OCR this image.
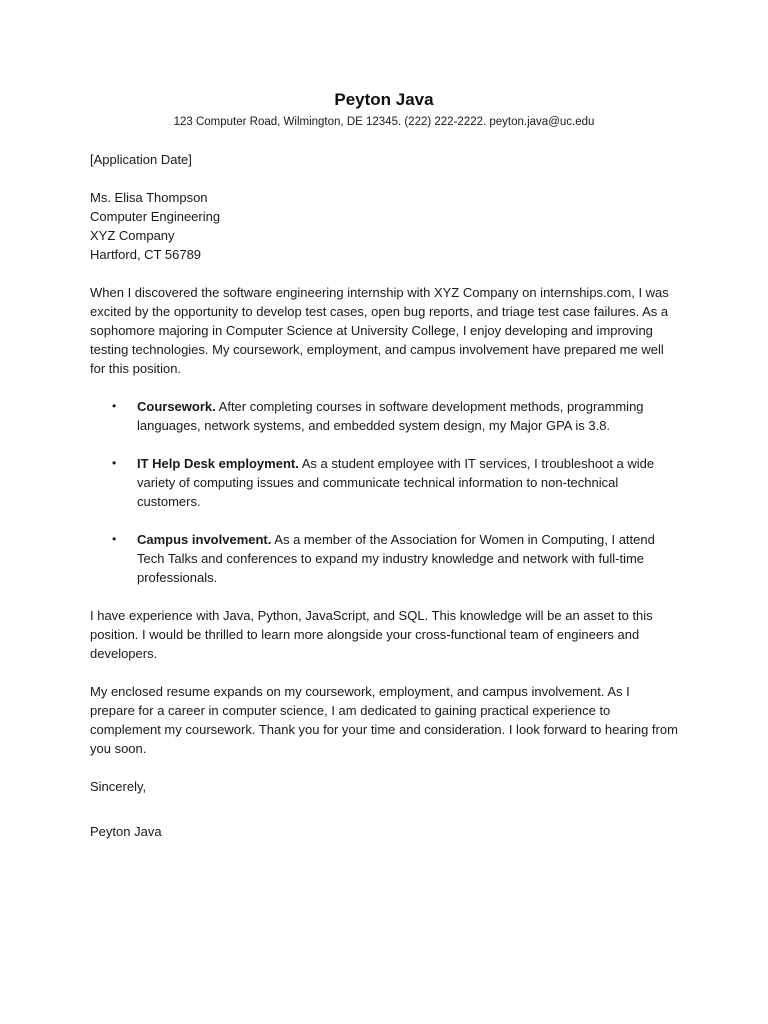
Peyton Java
123 Computer Road, Wilmington, DE 12345. (222) 222-2222. peyton.java@uc.edu
[Application Date]
Ms. Elisa Thompson
Computer Engineering
XYZ Company
Hartford, CT 56789
When I discovered the software engineering internship with XYZ Company on internships.com, I was excited by the opportunity to develop test cases, open bug reports, and triage test case failures. As a sophomore majoring in Computer Science at University College, I enjoy developing and improving testing technologies. My coursework, employment, and campus involvement have prepared me well for this position.
•	Coursework. After completing courses in software development methods, programming languages, network systems, and embedded system design, my Major GPA is 3.8.
•	IT Help Desk employment. As a student employee with IT services, I troubleshoot a wide variety of computing issues and communicate technical information to non-technical customers.
•	Campus involvement. As a member of the Association for Women in Computing, I attend Tech Talks and conferences to expand my industry knowledge and network with full-time professionals.
I have experience with Java, Python, JavaScript, and SQL. This knowledge will be an asset to this position. I would be thrilled to learn more alongside your cross-functional team of engineers and developers.
My enclosed resume expands on my coursework, employment, and campus involvement. As I prepare for a career in computer science, I am dedicated to gaining practical experience to complement my coursework. Thank you for your time and consideration. I look forward to hearing from you soon.
Sincerely,
Peyton Java
